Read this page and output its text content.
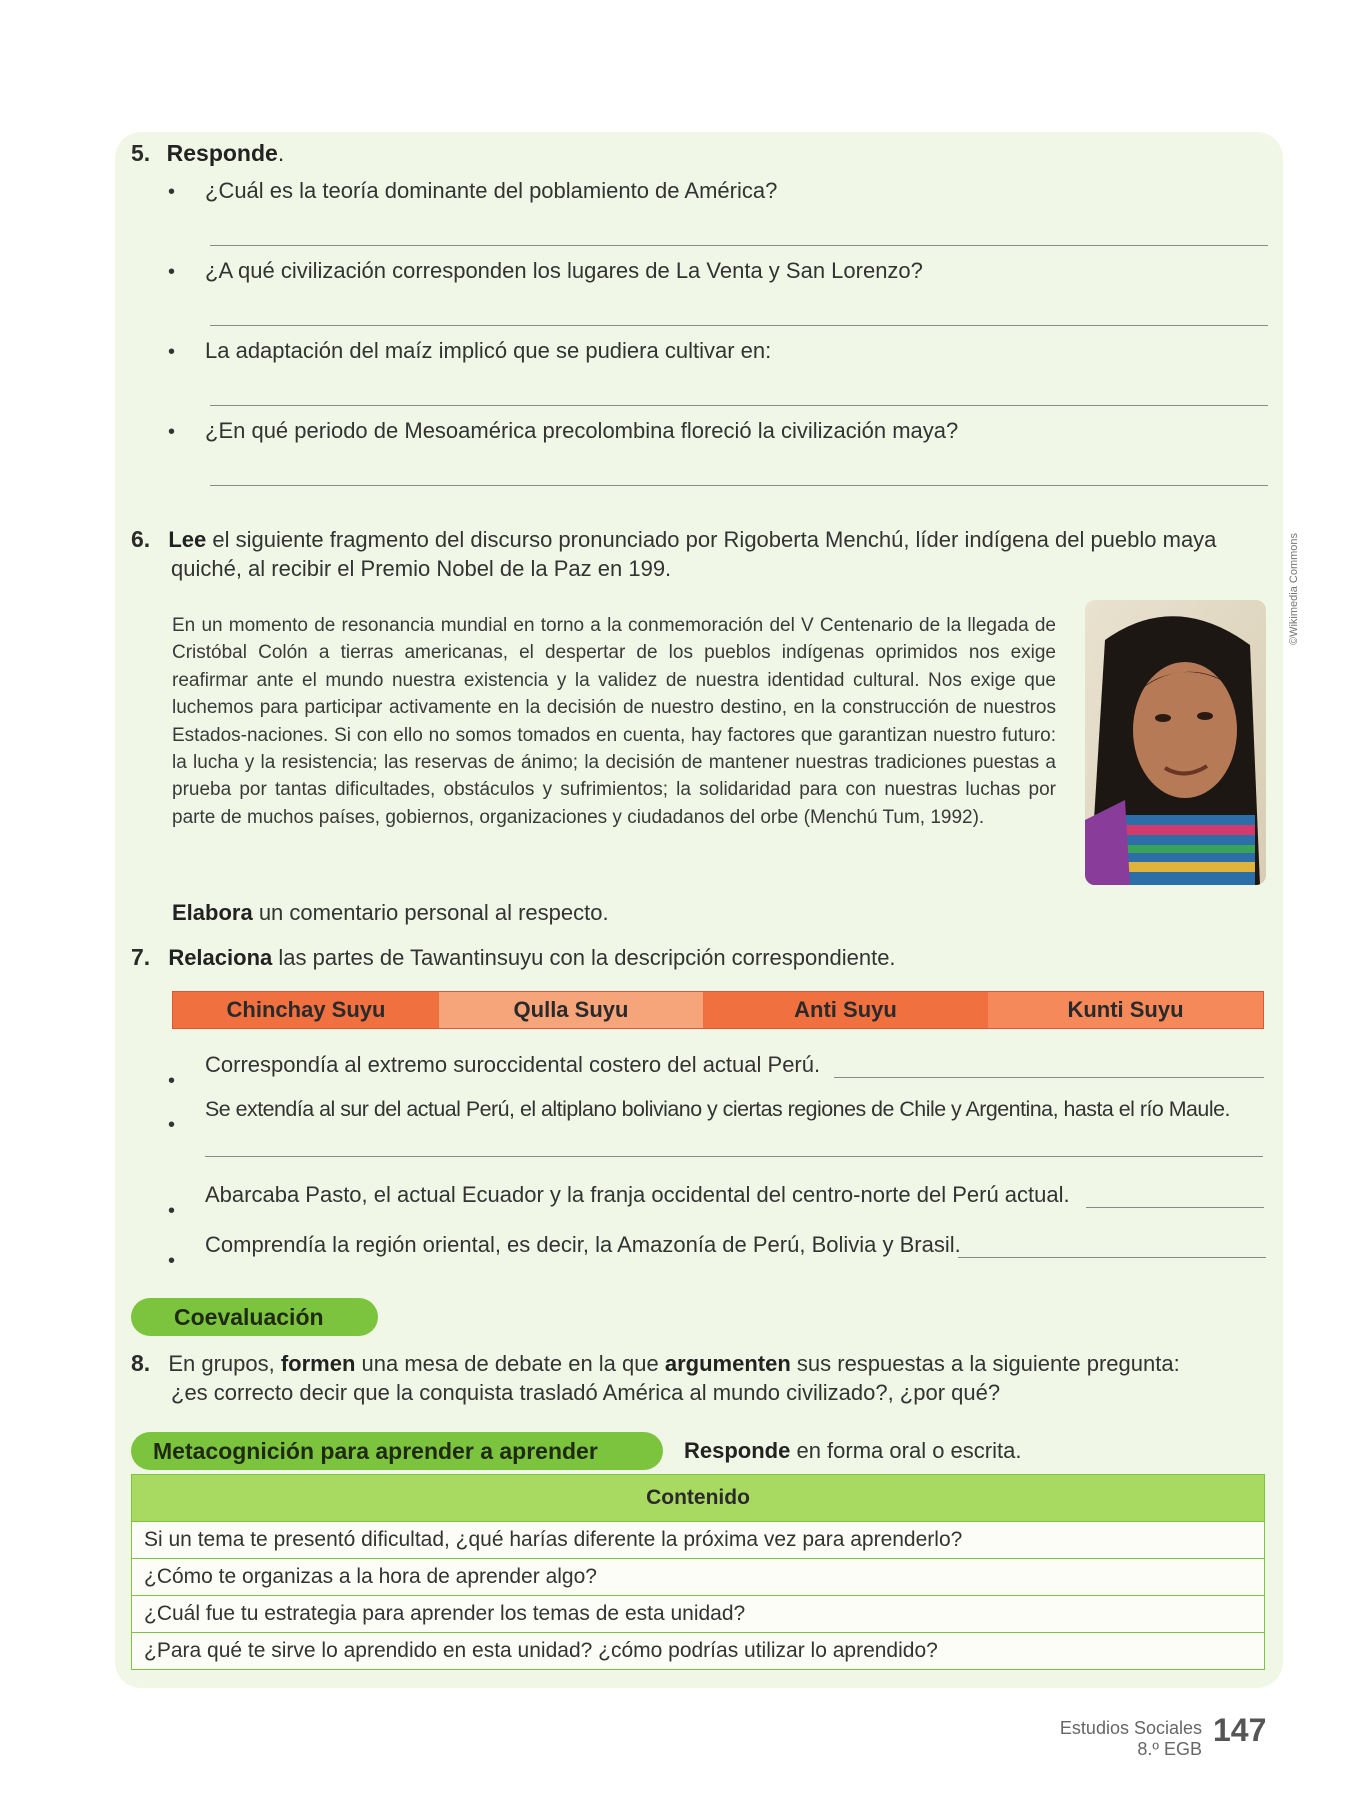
5. Responde.
• ¿Cuál es la teoría dominante del poblamiento de América?
• ¿A qué civilización corresponden los lugares de La Venta y San Lorenzo?
• La adaptación del maíz implicó que se pudiera cultivar en:
• ¿En qué periodo de Mesoamérica precolombina floreció la civilización maya?
6. Lee el siguiente fragmento del discurso pronunciado por Rigoberta Menchú, líder indígena del pueblo maya
quiché, al recibir el Premio Nobel de la Paz en 199.
En un momento de resonancia mundial en torno a la conmemoración del V Centenario de la llegada de Cristóbal Colón a tierras americanas, el despertar de los pueblos indígenas oprimidos nos exige reafirmar ante el mundo nuestra existencia y la validez de nuestra identidad cultural. Nos exige que luchemos para participar activamente en la decisión de nuestro destino, en la construcción de nuestros Estados-naciones. Si con ello no somos tomados en cuenta, hay factores que garantizan nuestro futuro: la lucha y la resistencia; las reservas de ánimo; la decisión de mantener nuestras tradiciones puestas a prueba por tantas dificultades, obstáculos y sufrimientos; la solidaridad para con nuestras luchas por parte de muchos países, gobiernos, organizaciones y ciudadanos del orbe (Menchú Tum, 1992).
©Wikimedia Commons
Elabora un comentario personal al respecto.
7. Relaciona las partes de Tawantinsuyu con la descripción correspondiente.
Chinchay Suyu	Qulla Suyu	Anti Suyu	Kunti Suyu
•
Correspondía al extremo suroccidental costero del actual Perú.
•
Se extendía al sur del actual Perú, el altiplano boliviano y ciertas regiones de Chile y Argentina, hasta el río Maule.
•
Abarcaba Pasto, el actual Ecuador y la franja occidental del centro-norte del Perú actual.
•
Comprendía la región oriental, es decir, la Amazonía de Perú, Bolivia y Brasil.
Coevaluación
8. En grupos, formen una mesa de debate en la que argumenten sus respuestas a la siguiente pregunta:
¿es correcto decir que la conquista trasladó América al mundo civilizado?, ¿por qué?
Metacognición para aprender a aprender	Responde en forma oral o escrita.
Contenido
Si un tema te presentó dificultad, ¿qué harías diferente la próxima vez para aprenderlo?
¿Cómo te organizas a la hora de aprender algo?
¿Cuál fue tu estrategia para aprender los temas de esta unidad?
¿Para qué te sirve lo aprendido en esta unidad? ¿cómo podrías utilizar lo aprendido?
Estudios Sociales
8.º EGB
147
